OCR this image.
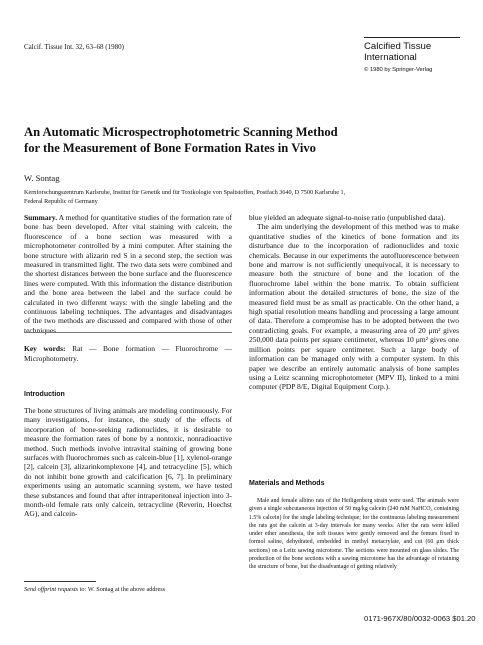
Calcif. Tissue Int. 32, 63–68 (1980)	Calcified Tissue
International
© 1980 by Springer-Verlag
An Automatic Microspectrophotometric Scanning Method
for the Measurement of Bone Formation Rates in Vivo
W. Sontag
Kernforschungszentrum Karlsruhe, Institut für Genetik und für Toxikologie von Spaltstoffen, Postfach 3640, D 7500 Karlsruhe 1,
Federal Republic of Germany

Summary. A method for quantitative studies of the formation rate of bone has been developed. After vital staining with calcein, the fluorescence of a bone section was measured with a microphotometer controlled by a mini computer. After staining the bone structure with alizarin red S in a second step, the section was measured in transmitted light. The two data sets were combined and the shortest distances between the bone surface and the fluorescence lines were computed. With this information the distance distribution and the bone area between the label and the surface could be calculated in two different ways: with the single labeling and the continuous labeling techniques. The advantages and disadvantages of the two methods are discussed and compared with those of other techniques.

Key words: Rat — Bone formation — Fluorochrome — Microphotometry.

Introduction

The bone structures of living animals are modeling continuously. For many investigations, for instance, the study of the effects of incorporation of bone-seeking radionuclides, it is desirable to measure the formation rates of bone by a nontoxic, nonradioactive method. Such methods involve intravital staining of growing bone surfaces with fluorochromes such as calcein-blue [1], xylenol-orange [2], calcein [3], alizarinkomplexone [4], and tetracycline [5], which do not inhibit bone growth and calcification [6, 7]. In preliminary experiments using an automatic scanning system, we have tested these substances and found that after intraperitoneal injection into 3-month-old female rats only calcein, tetracycline (Reverin, Hoechst AG), and calcein-

blue yielded an adequate signal-to-noise ratio (unpublished data).

The aim underlying the development of this method was to make quantitative studies of the kinetics of bone formation and its disturbance due to the incorporation of radionuclides and toxic chemicals. Because in our experiments the autofluorescence between bone and marrow is not sufficiently unequivocal, it is necessary to measure both the structure of bone and the location of the fluorochrome label within the bone matrix. To obtain sufficient information about the detailed structures of bone, the size of the measured field must be as small as practicable. On the other hand, a high spatial resolution means handling and processing a large amount of data. Therefore a compromise has to be adopted between the two contradicting goals. For example, a measuring area of 20 μm² gives 250,000 data points per square centimeter, whereas 10 μm² gives one million points per square centimeter. Such a large body of information can be managed only with a computer system. In this paper we describe an entirely automatic analysis of bone samples using a Leitz scanning microphotometer (MPV II), linked to a mini computer (PDP 8/E, Digital Equipment Corp.).

Materials and Methods

Male and female albino rats of the Heiligenberg strain were used. The animals were given a single subcutaneous injection of 50 mg/kg calcein (240 mM NaHCO₃ containing 1.5% calcein) for the single labeling technique; for the continuous labeling measurement the rats got the calcein at 3-day intervals for many weeks. After the rats were killed under ether anesthesia, the soft tissues were gently removed and the femurs fixed in formol saline, dehydrated, embedded in methyl metacrylate, and cut (60 μm thick sections) on a Leitz sawing microtome. The sections were mounted on glass slides. The production of the bone sections with a sawing microtome has the advantage of retaining the structure of bone, but the disadvantage of getting relatively

Send offprint requests to: W. Sontag at the above address
0171-967X/80/0032-0063 $01.20
